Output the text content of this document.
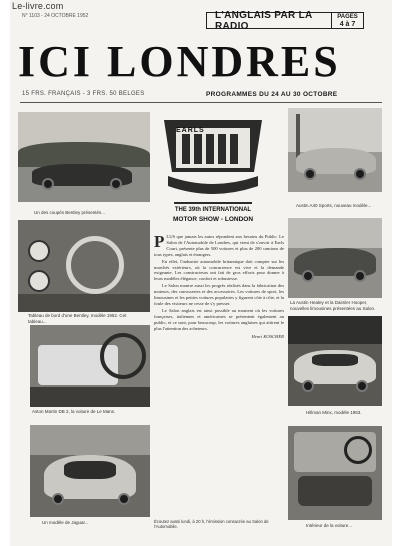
Le-livre.com
N° 1103 - 24 OCTOBRE 1952	L'ANGLAIS PAR LA RADIO
PAGES
4 à 7
ICI LONDRES
15 FRS. FRANÇAIS - 3 FRS. 50 BELGES	PROGRAMMES DU 24 AU 30 OCTOBRE
Un des coupés Bentley présentés...
Tableau de bord d'une Bentley, modèle 1952. Cet tableau...
Aston Martin DB 2, la voiture de Le Mans.
Un modèle de Jaguar...
EARLS
THE 39th INTERNATIONAL
MOTOR SHOW - LONDON

PLUS que jamais les autos répondent aux besoins du Public. Le Salon de l'Automobile de Londres, qui vient de s'ouvrir à Earls Court, présente plus de 500 voitures et plus de 200 camions de tous types, anglais et étrangers.

En effet, l'industrie automobile britannique doit compter sur les marchés extérieurs, où la concurrence est vive et la demande exigeante. Les constructeurs ont fait de gros efforts pour donner à leurs modèles élégance, confort et robustesse.

Le Salon montre aussi les progrès réalisés dans la fabrication des moteurs, des carrosseries et des accessoires. Les voitures de sport, les limousines et les petites voitures populaires y figurent côte à côte, et la foule des visiteurs ne cesse de s'y presser.

Le Salon anglais est ainsi possible au moment où les voitures françaises, italiennes et américaines se présentent également au public, et ce sont, pour beaucoup, les voitures anglaises qui attirent le plus l'attention des acheteurs.

Henri KOSCHER
Écoutez aussi lundi, à 20 h, l'émission consacrée au Salon de l'Automobile.
Austin A40 Sports, nouveau modèle...
La Austin Healey et la Daimler Hooper, nouvelles limousines présentées au Salon.
Hillman Minx, modèle 1953.
Intérieur de la voiture...
